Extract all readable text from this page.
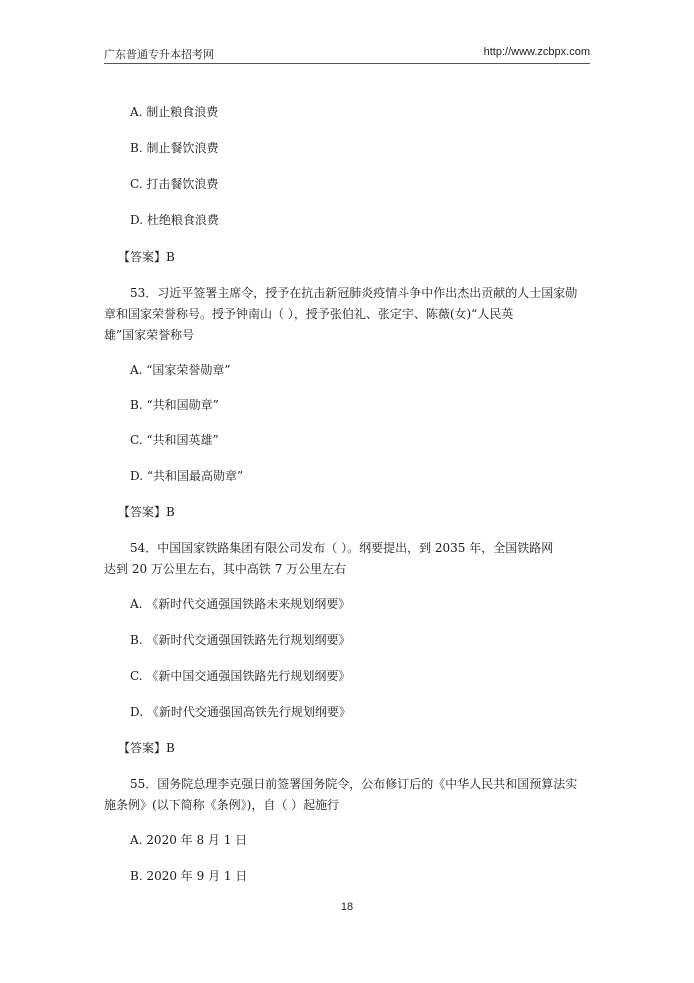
广东普通专升本招考网	http://www.zcbpx.com
A. 制止粮食浪费
B. 制止餐饮浪费
C. 打击餐饮浪费
D. 杜绝粮食浪费
【答案】B
53．习近平签署主席令，授予在抗击新冠肺炎疫情斗争中作出杰出贡献的人士国家勋
章和国家荣誉称号。授予钟南山（ ），授予张伯礼、张定宇、陈薇(女)“人民英
雄”国家荣誉称号
A. “国家荣誉勋章”
B. “共和国勋章”
C. “共和国英雄”
D. “共和国最高勋章”
【答案】B
54．中国国家铁路集团有限公司发布（ ）。纲要提出，到 2035 年，全国铁路网
达到 20 万公里左右，其中高铁 7 万公里左右
A. 《新时代交通强国铁路未来规划纲要》
B. 《新时代交通强国铁路先行规划纲要》
C. 《新中国交通强国铁路先行规划纲要》
D. 《新时代交通强国高铁先行规划纲要》
【答案】B
55．国务院总理李克强日前签署国务院令，公布修订后的《中华人民共和国预算法实
施条例》(以下简称《条例》)，自（ ）起施行
A. 2020 年 8 月 1 日
B. 2020 年 9 月 1 日
18
